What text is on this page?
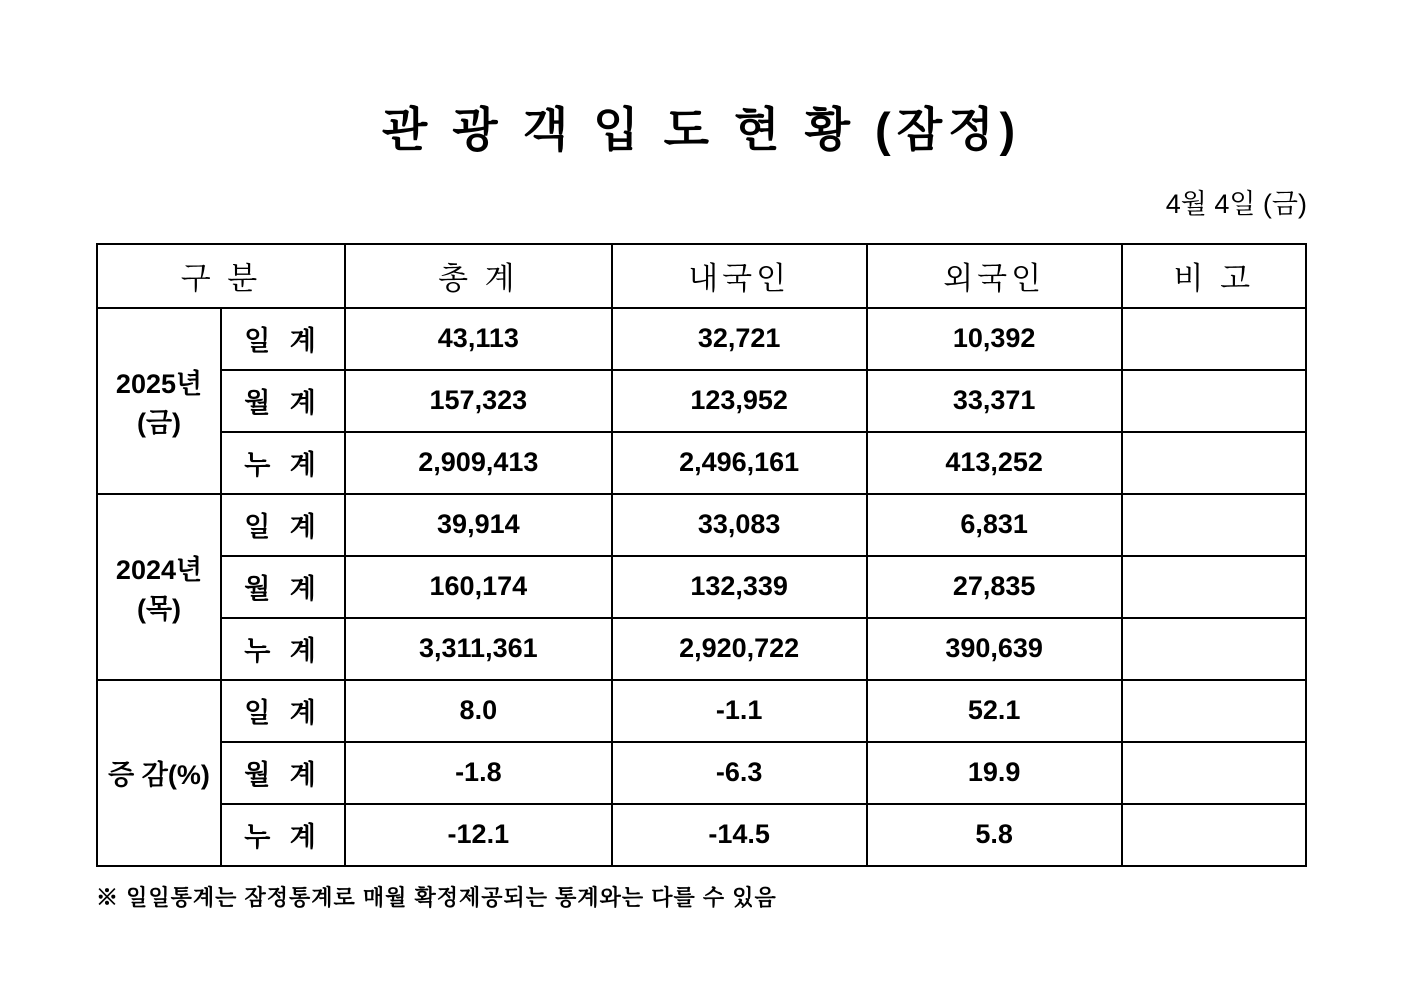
관 광 객 입 도 현 황 (잠정)
4월 4일 (금)
구 분		총 계	내국인	외국인	비 고
2025년(금)	일 계	43,113	32,721	10,392	
	월 계	157,323	123,952	33,371	
	누 계	2,909,413	2,496,161	413,252	
2024년(목)	일 계	39,914	33,083	6,831	
	월 계	160,174	132,339	27,835	
	누 계	3,311,361	2,920,722	390,639	
증 감(%)	일 계	8.0	-1.1	52.1	
	월 계	-1.8	-6.3	19.9	
	누 계	-12.1	-14.5	5.8	
※ 일일통계는 잠정통계로 매월 확정제공되는 통계와는 다를 수 있음
